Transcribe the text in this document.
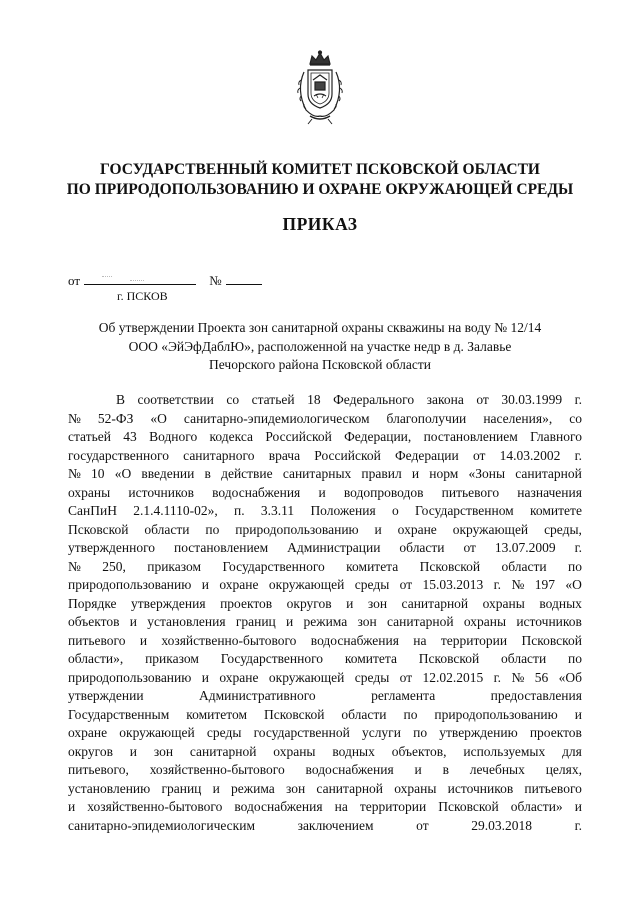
ГОСУДАРСТВЕННЫЙ КОМИТЕТ ПСКОВСКОЙ ОБЛАСТИ
ПО ПРИРОДОПОЛЬЗОВАНИЮ И ОХРАНЕ ОКРУЖАЮЩЕЙ СРЕДЫ
ПРИКАЗ
от	№
г. ПСКОВ
Об утверждении Проекта зон санитарной охраны скважины на воду № 12/14
ООО «ЭйЭфДаблЮ», расположенной на участке недр в д. Залавье
Печорского района Псковской области
В соответствии со статьей 18 Федерального закона от 30.03.1999 г.
№ 52-ФЗ «О санитарно-эпидемиологическом благополучии населения», со
статьей 43 Водного кодекса Российской Федерации, постановлением Главного
государственного санитарного врача Российской Федерации от 14.03.2002 г.
№ 10 «О введении в действие санитарных правил и норм «Зоны санитарной
охраны источников водоснабжения и водопроводов питьевого назначения
СанПиН 2.1.4.1110-02», п. 3.3.11 Положения о Государственном комитете
Псковской области по природопользованию и охране окружающей среды,
утвержденного постановлением Администрации области от 13.07.2009 г.
№ 250, приказом Государственного комитета Псковской области по
природопользованию и охране окружающей среды от 15.03.2013 г. № 197 «О
Порядке утверждения проектов округов и зон санитарной охраны водных
объектов и установления границ и режима зон санитарной охраны источников
питьевого и хозяйственно-бытового водоснабжения на территории Псковской
области», приказом Государственного комитета Псковской области по
природопользованию и охране окружающей среды от 12.02.2015 г. № 56 «Об
утверждении	Административного	регламента	предоставления
Государственным комитетом Псковской области по природопользованию и
охране окружающей среды государственной услуги по утверждению проектов
округов и зон санитарной охраны водных объектов, используемых для
питьевого, хозяйственно-бытового водоснабжения и в лечебных целях,
установлению границ и режима зон санитарной охраны источников питьевого
и хозяйственно-бытового водоснабжения на территории Псковской области» и
санитарно-эпидемиологическим	заключением	от	29.03.2018	г.
